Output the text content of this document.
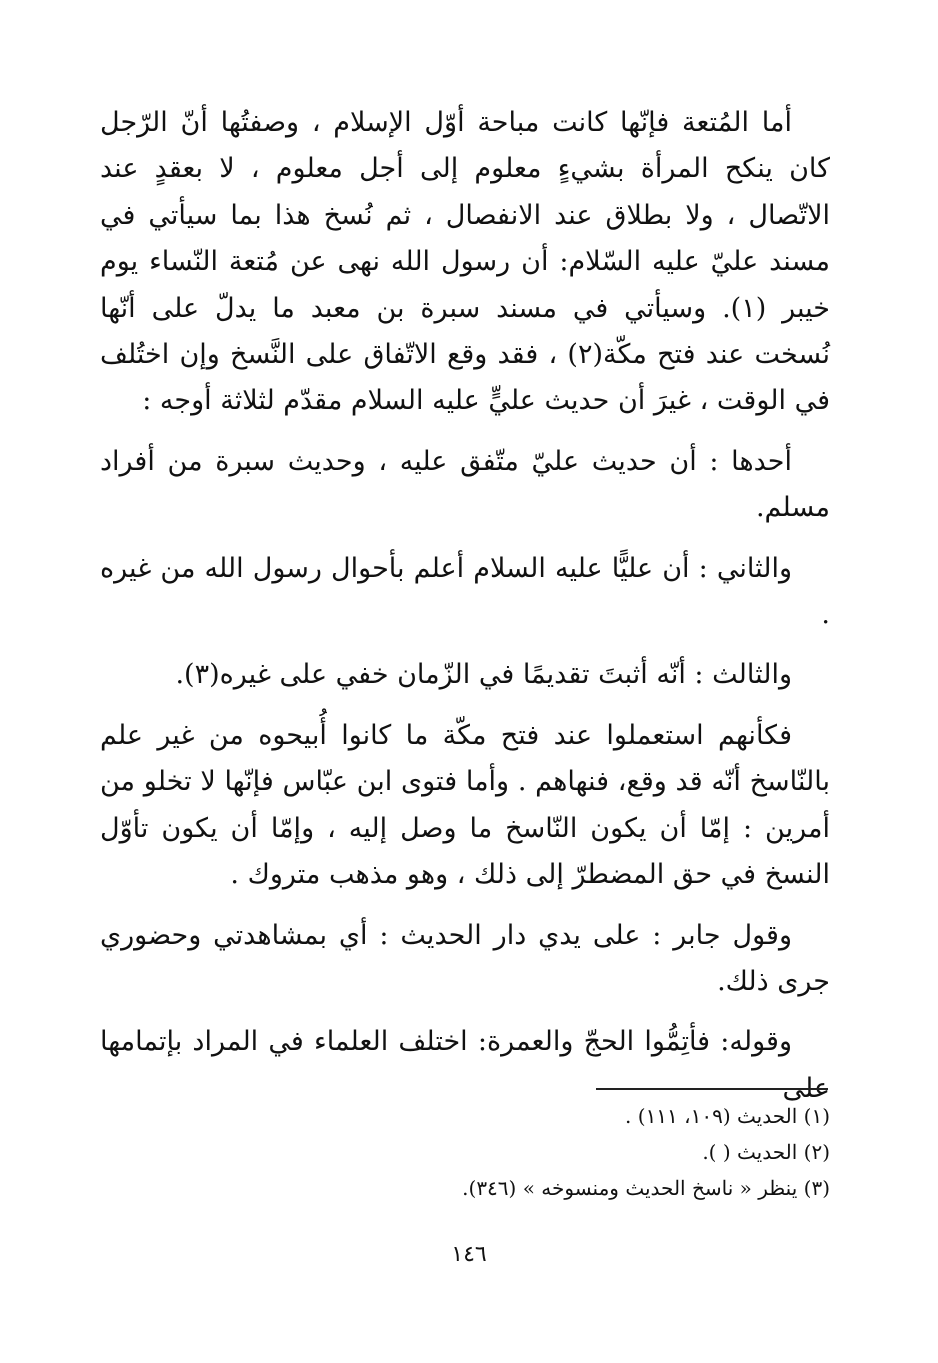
أما المُتعة فإنّها كانت مباحة أوّل الإسلام ، وصفتُها أنّ الرّجل كان ينكح المرأة بشيءٍ معلوم إلى أجل معلوم ، لا بعقدٍ عند الاتّصال ، ولا بطلاق عند الانفصال ، ثم نُسخ هذا بما سيأتي في مسند عليّ عليه السّلام: أن رسول الله نهى عن مُتعة النّساء يوم خيبر (١). وسيأتي في مسند سبرة بن معبد ما يدلّ على أنّها نُسخت عند فتح مكّة(٢) ، فقد وقع الاتّفاق على النَّسخ وإن اختُلف في الوقت ، غيرَ أن حديث عليٍّ عليه السلام مقدّم لثلاثة أوجه :

أحدها : أن حديث عليّ متّفق عليه ، وحديث سبرة من أفراد مسلم.

والثاني : أن عليًّا عليه السلام أعلم بأحوال رسول الله من غيره .

والثالث : أنّه أثبتَ تقديمًا في الزّمان خفي على غيره(٣).

فكأنهم استعملوا عند فتح مكّة ما كانوا أُبيحوه من غير علم بالنّاسخ أنّه قد وقع، فنهاهم . وأما فتوى ابن عبّاس فإنّها لا تخلو من أمرين : إمّا أن يكون النّاسخ ما وصل إليه ، وإمّا أن يكون تأوّل النسخ في حق المضطرّ إلى ذلك ، وهو مذهب متروك .

وقول جابر : على يدي دار الحديث : أي بمشاهدتي وحضوري جرى ذلك.

وقوله: فأتِمُّوا الحجّ والعمرة: اختلف العلماء في المراد بإتمامها على

(١) الحديث (١٠٩، ١١١) .

(٢) الحديث ( ).

(٣) ينظر « ناسخ الحديث ومنسوخه » (٣٤٦).

١٤٦
